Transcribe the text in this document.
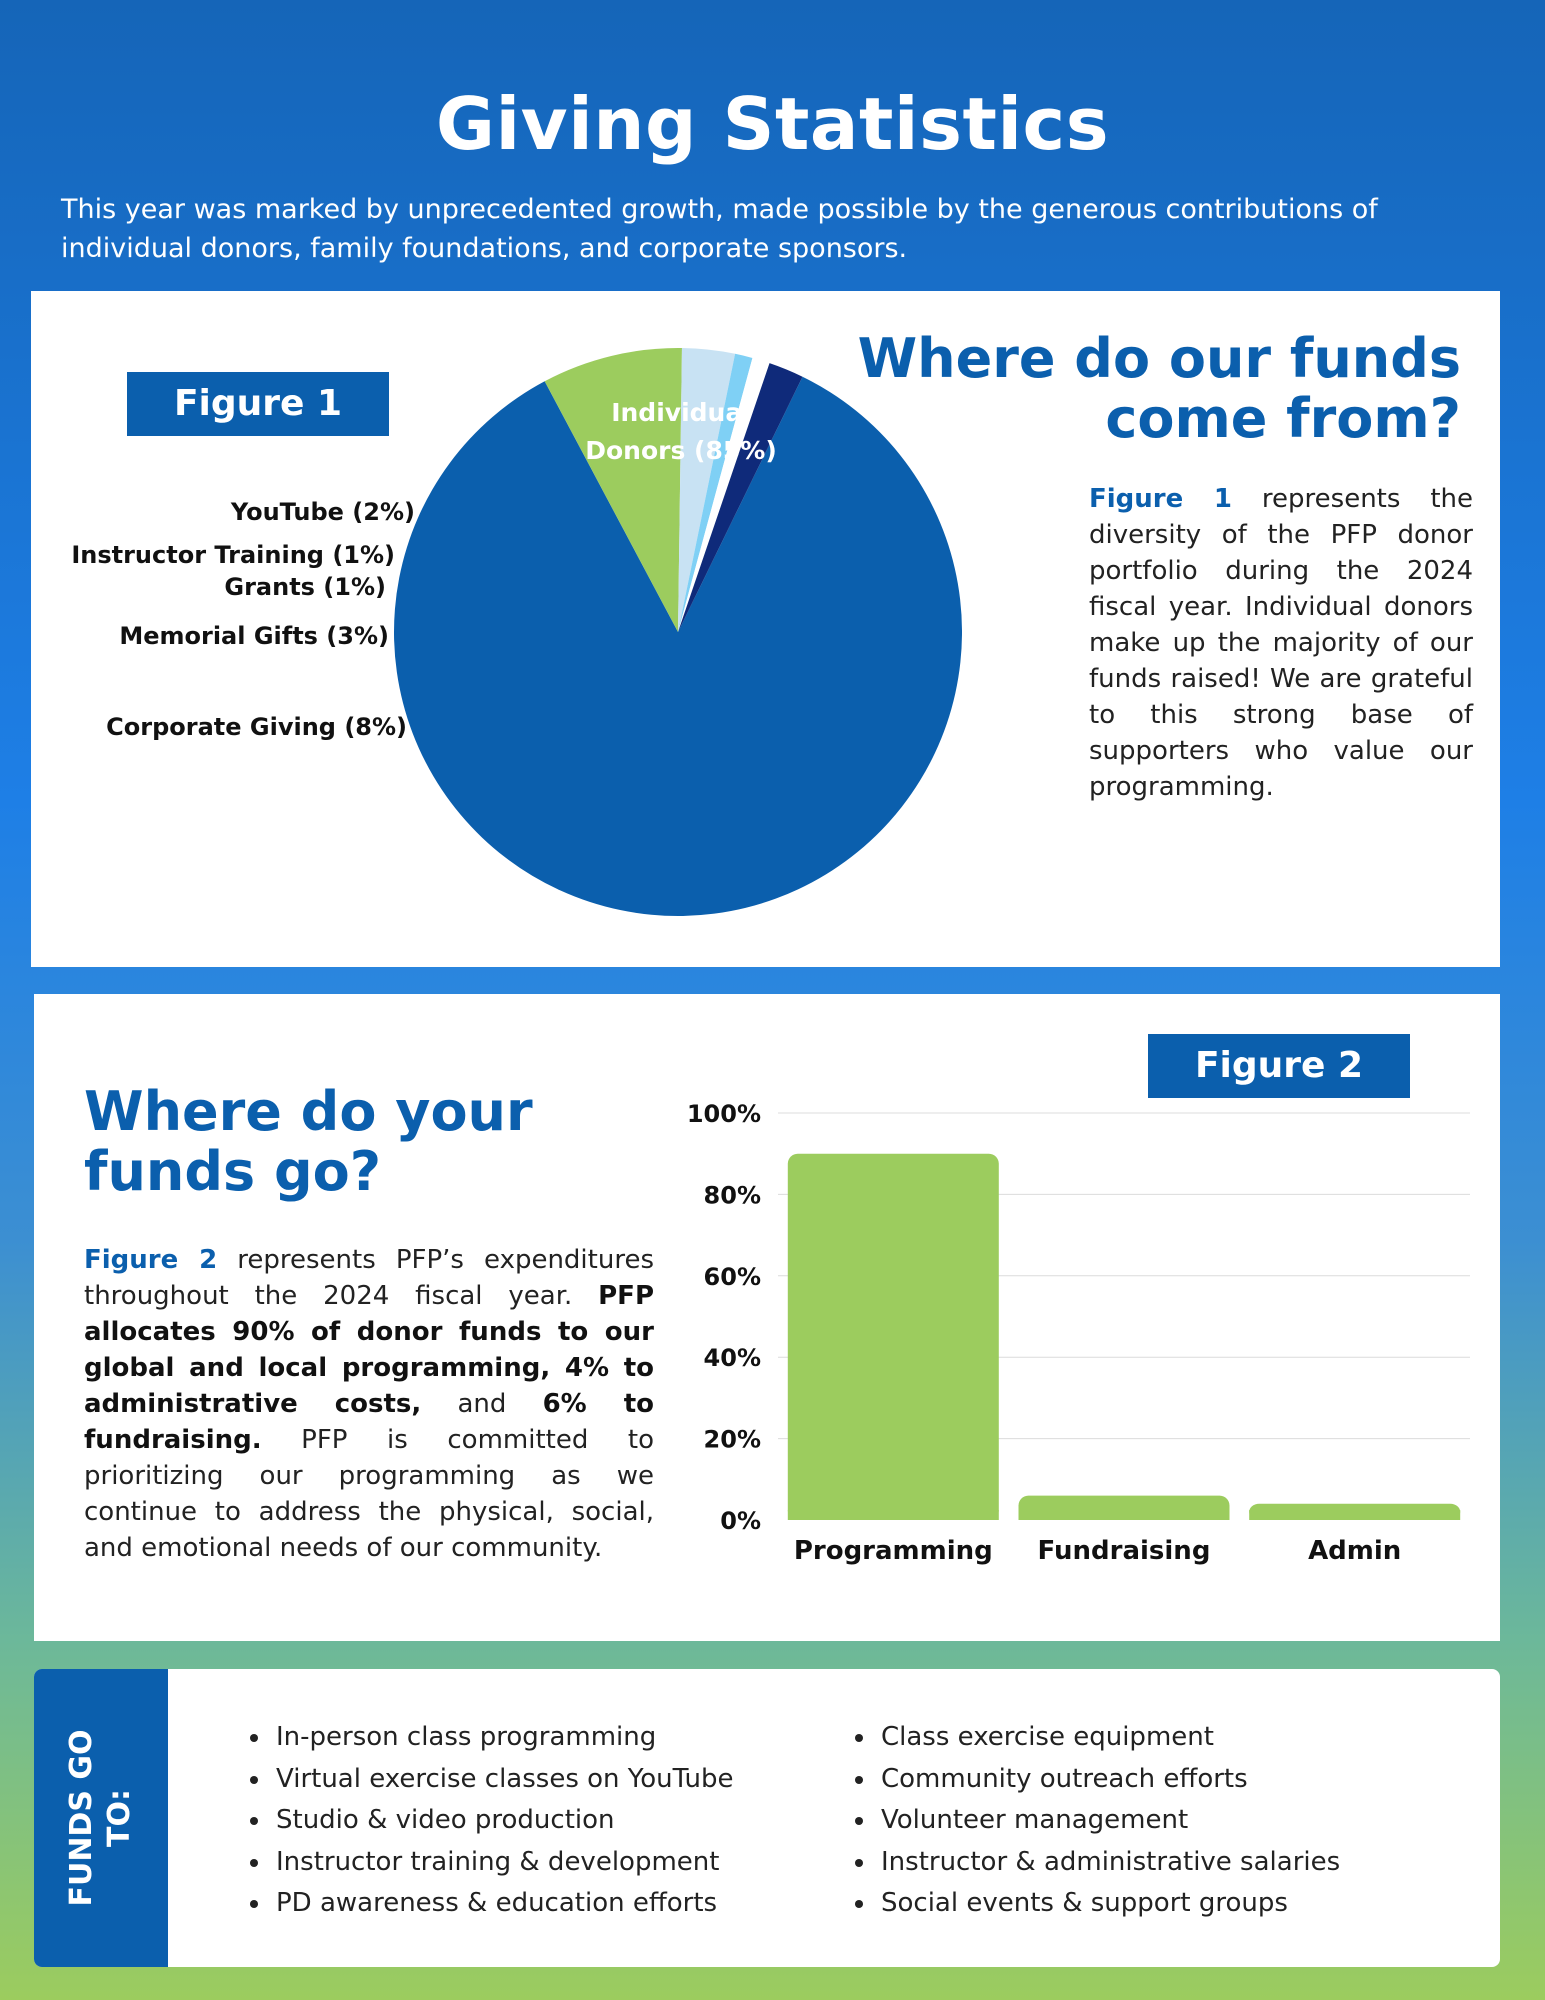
Giving Statistics
This year was marked by unprecedented growth, made possible by the generous contributions of individual donors, family foundations, and corporate sponsors.
Figure 1
Where do our funds come from?
Figure 1 represents the diversity of the PFP donor portfolio during the 2024 fiscal year. Individual donors make up the majority of our funds raised! We are grateful to this strong base of supporters who value our programming.
Individual
Donors (85%)
YouTube (2%)
Instructor Training (1%)
Grants (1%)
Memorial Gifts (3%)
Corporate Giving (8%)
Figure 2
Where do your funds go?
Figure 2 represents PFP’s expenditures throughout the 2024 fiscal year. PFP allocates 90% of donor funds to our global and local programming, 4% to administrative costs, and 6% to fundraising. PFP is committed to prioritizing our programming as we continue to address the physical, social, and emotional needs of our community.
0%
20%
40%
60%
80%
100%
Programming Fundraising	Admin
FUNDS GO TO:
In-person class programming
Virtual exercise classes on YouTube
Studio & video production
Instructor training & development
PD awareness & education efforts
Class exercise equipment
Community outreach efforts
Volunteer management
Instructor & administrative salaries
Social events & support groups
